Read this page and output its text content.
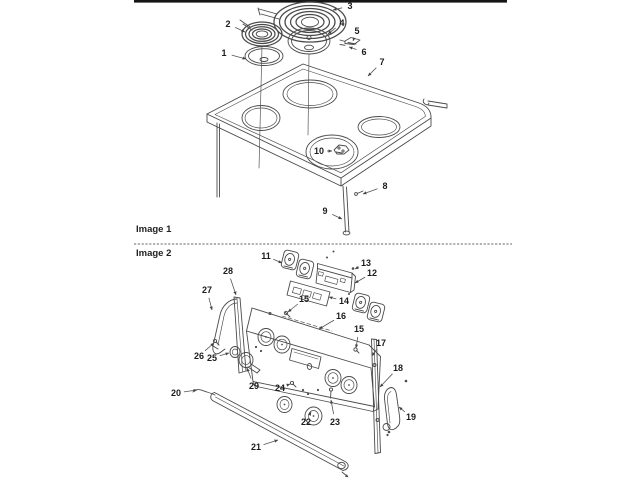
Image 1
Image 2
1
2
3
4
5
6
7
8
9
10
11
12
13
14
15
15
16
17
18
19
20
21
22 23
24
25
26
27
28
29
